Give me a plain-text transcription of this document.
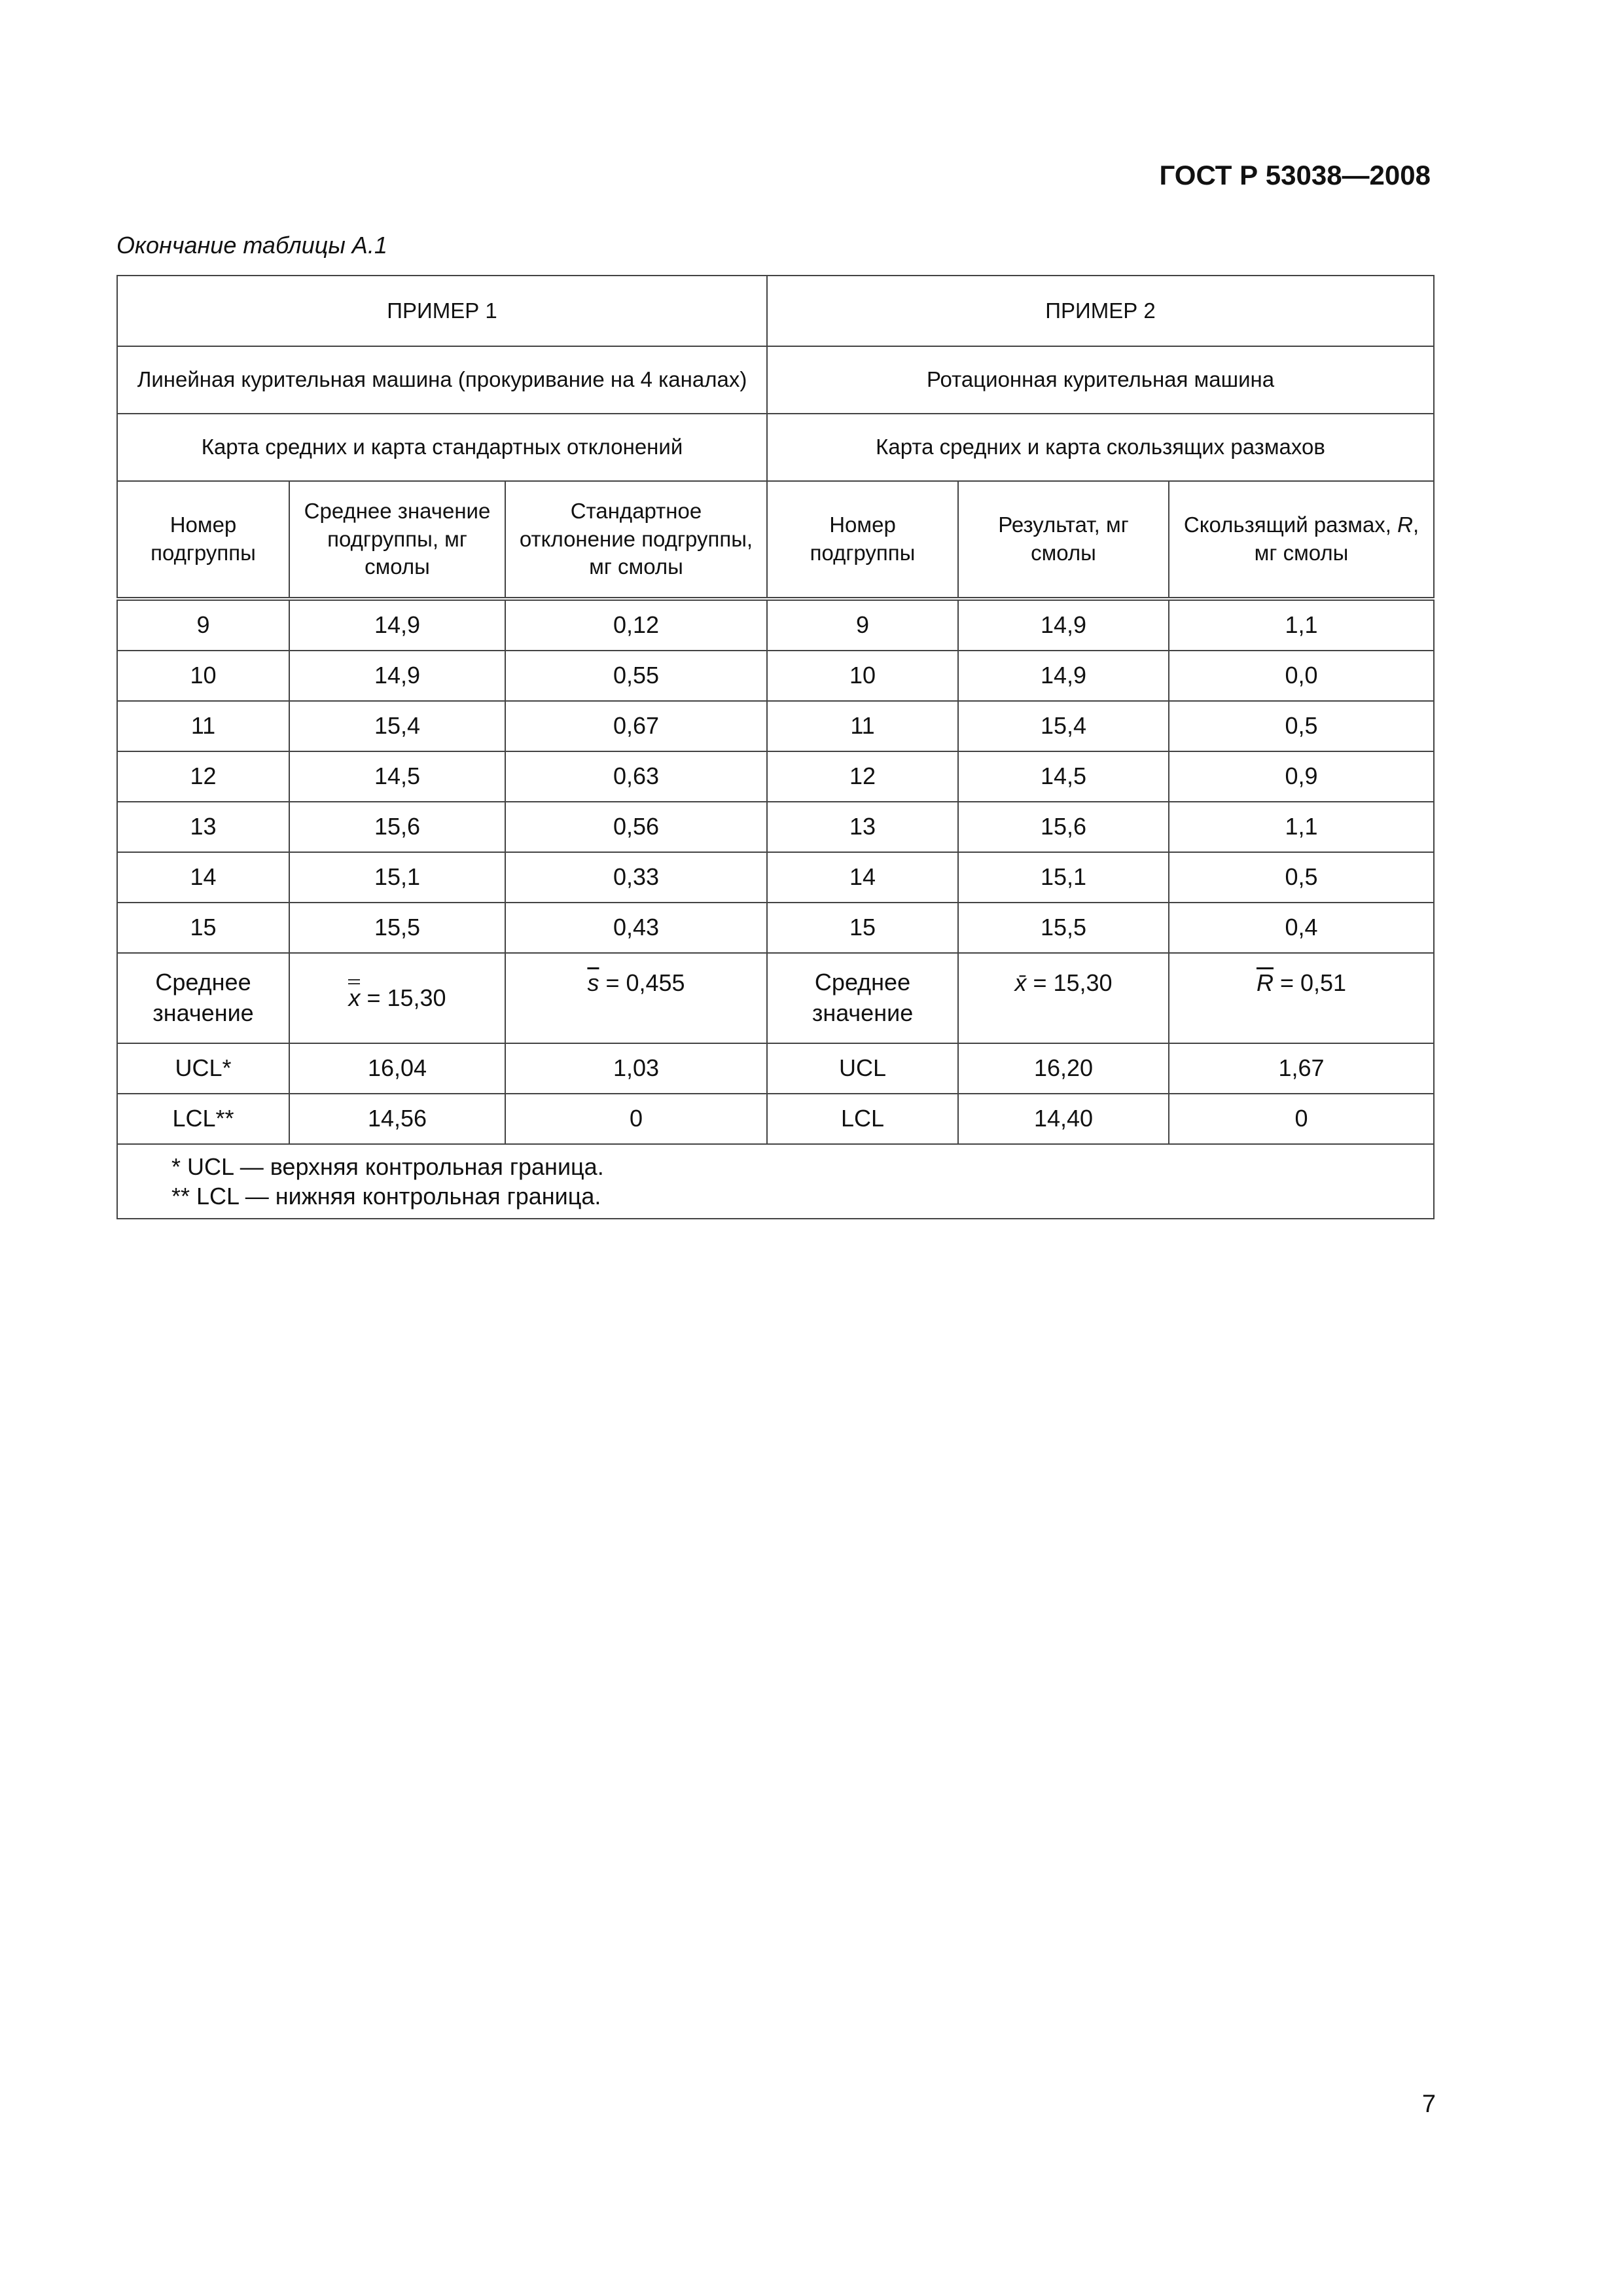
ГОСТ Р 53038—2008
Окончание таблицы А.1
ПРИМЕР 1			ПРИМЕР 2		
Линейная курительная машина (прокуривание на 4 каналах)			Ротационная курительная машина		
Карта средних и карта стандартных отклонений			Карта средних и карта скользящих размахов		
Номер подгруппы	Среднее значение подгруппы, мг смолы	Стандартное отклонение подгруппы, мг смолы	Номер подгруппы	Результат, мг смолы	Скользящий размах, R, мг смолы
9	14,9	0,12	9	14,9	1,1
10	14,9	0,55	10	14,9	0,0
11	15,4	0,67	11	15,4	0,5
12	14,5	0,63	12	14,5	0,9
13	15,6	0,56	13	15,6	1,1
14	15,1	0,33	14	15,1	0,5
15	15,5	0,43	15	15,5	0,4
Среднее значение	x = 15,30	$\overline{s} = 0,455$	Среднее значение	x̄ = 15,30	$\overline{R} = 0,51$
UCL*	16,04	1,03	UCL	16,20	1,67
LCL**	14,56	0	LCL	14,40	0

* UCL — верхняя контрольная граница.
** LCL — нижняя контрольная граница.					
7
